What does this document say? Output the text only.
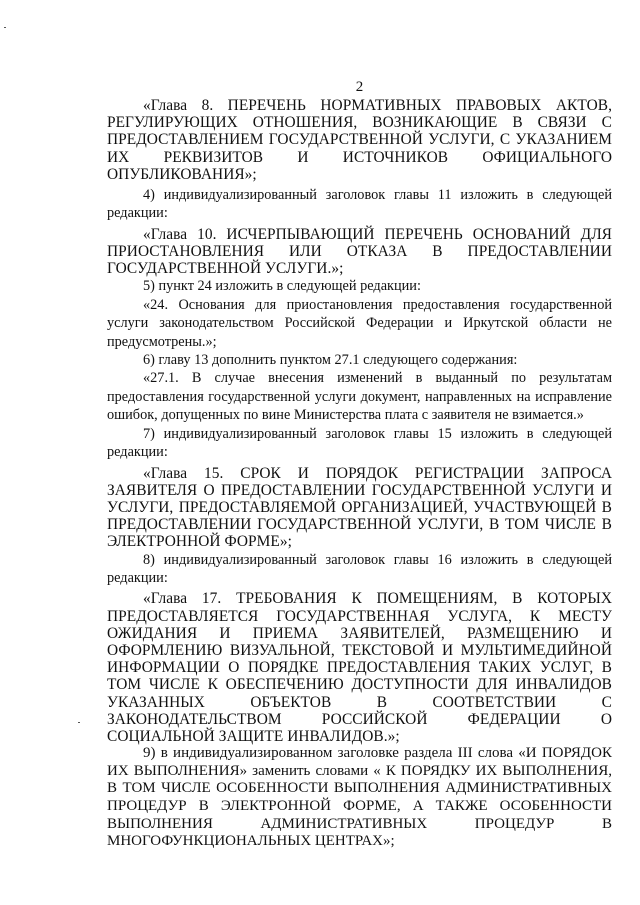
2

«Глава 8. ПЕРЕЧЕНЬ НОРМАТИВНЫХ ПРАВОВЫХ АКТОВ, РЕГУЛИРУЮЩИХ ОТНОШЕНИЯ, ВОЗНИКАЮЩИЕ В СВЯЗИ С ПРЕДОСТАВЛЕНИЕМ ГОСУДАРСТВЕННОЙ УСЛУГИ, С УКАЗАНИЕМ ИХ РЕКВИЗИТОВ И ИСТОЧНИКОВ ОФИЦИАЛЬНОГО ОПУБЛИКОВАНИЯ»;

4) индивидуализированный заголовок главы 11 изложить в следующей редакции:

«Глава 10. ИСЧЕРПЫВАЮЩИЙ ПЕРЕЧЕНЬ ОСНОВАНИЙ ДЛЯ ПРИОСТАНОВЛЕНИЯ ИЛИ ОТКАЗА В ПРЕДОСТАВЛЕНИИ ГОСУДАРСТВЕННОЙ УСЛУГИ.»;

5) пункт 24 изложить в следующей редакции:

«24. Основания для приостановления предоставления государственной услуги законодательством Российской Федерации и Иркутской области не предусмотрены.»;

6) главу 13 дополнить пунктом 27.1 следующего содержания:

«27.1. В случае внесения изменений в выданный по результатам предоставления государственной услуги документ, направленных на исправление ошибок, допущенных по вине Министерства плата с заявителя не взимается.»

7) индивидуализированный заголовок главы 15 изложить в следующей редакции:

«Глава 15. СРОК И ПОРЯДОК РЕГИСТРАЦИИ ЗАПРОСА ЗАЯВИТЕЛЯ О ПРЕДОСТАВЛЕНИИ ГОСУДАРСТВЕННОЙ УСЛУГИ И УСЛУГИ, ПРЕДОСТАВЛЯЕМОЙ ОРГАНИЗАЦИЕЙ, УЧАСТВУЮЩЕЙ В ПРЕДОСТАВЛЕНИИ ГОСУДАРСТВЕННОЙ УСЛУГИ, В ТОМ ЧИСЛЕ В ЭЛЕКТРОННОЙ ФОРМЕ»;

8) индивидуализированный заголовок главы 16 изложить в следующей редакции:

«Глава 17. ТРЕБОВАНИЯ К ПОМЕЩЕНИЯМ, В КОТОРЫХ ПРЕДОСТАВЛЯЕТСЯ ГОСУДАРСТВЕННАЯ УСЛУГА, К МЕСТУ ОЖИДАНИЯ И ПРИЕМА ЗАЯВИТЕЛЕЙ, РАЗМЕЩЕНИЮ И ОФОРМЛЕНИЮ ВИЗУАЛЬНОЙ, ТЕКСТОВОЙ И МУЛЬТИМЕДИЙНОЙ ИНФОРМАЦИИ О ПОРЯДКЕ ПРЕДОСТАВЛЕНИЯ ТАКИХ УСЛУГ, В ТОМ ЧИСЛЕ К ОБЕСПЕЧЕНИЮ ДОСТУПНОСТИ ДЛЯ ИНВАЛИДОВ УКАЗАННЫХ ОБЪЕКТОВ В СООТВЕТСТВИИ С ЗАКОНОДАТЕЛЬСТВОМ РОССИЙСКОЙ ФЕДЕРАЦИИ О СОЦИАЛЬНОЙ ЗАЩИТЕ ИНВАЛИДОВ.»;

9) в индивидуализированном заголовке раздела III слова «И ПОРЯДОК ИХ ВЫПОЛНЕНИЯ» заменить словами « К ПОРЯДКУ ИХ ВЫПОЛНЕНИЯ, В ТОМ ЧИСЛЕ ОСОБЕННОСТИ ВЫПОЛНЕНИЯ АДМИНИСТРАТИВНЫХ ПРОЦЕДУР В ЭЛЕКТРОННОЙ ФОРМЕ, А ТАКЖЕ ОСОБЕННОСТИ ВЫПОЛНЕНИЯ АДМИНИСТРАТИВНЫХ ПРОЦЕДУР В МНОГОФУНКЦИОНАЛЬНЫХ ЦЕНТРАХ»;
